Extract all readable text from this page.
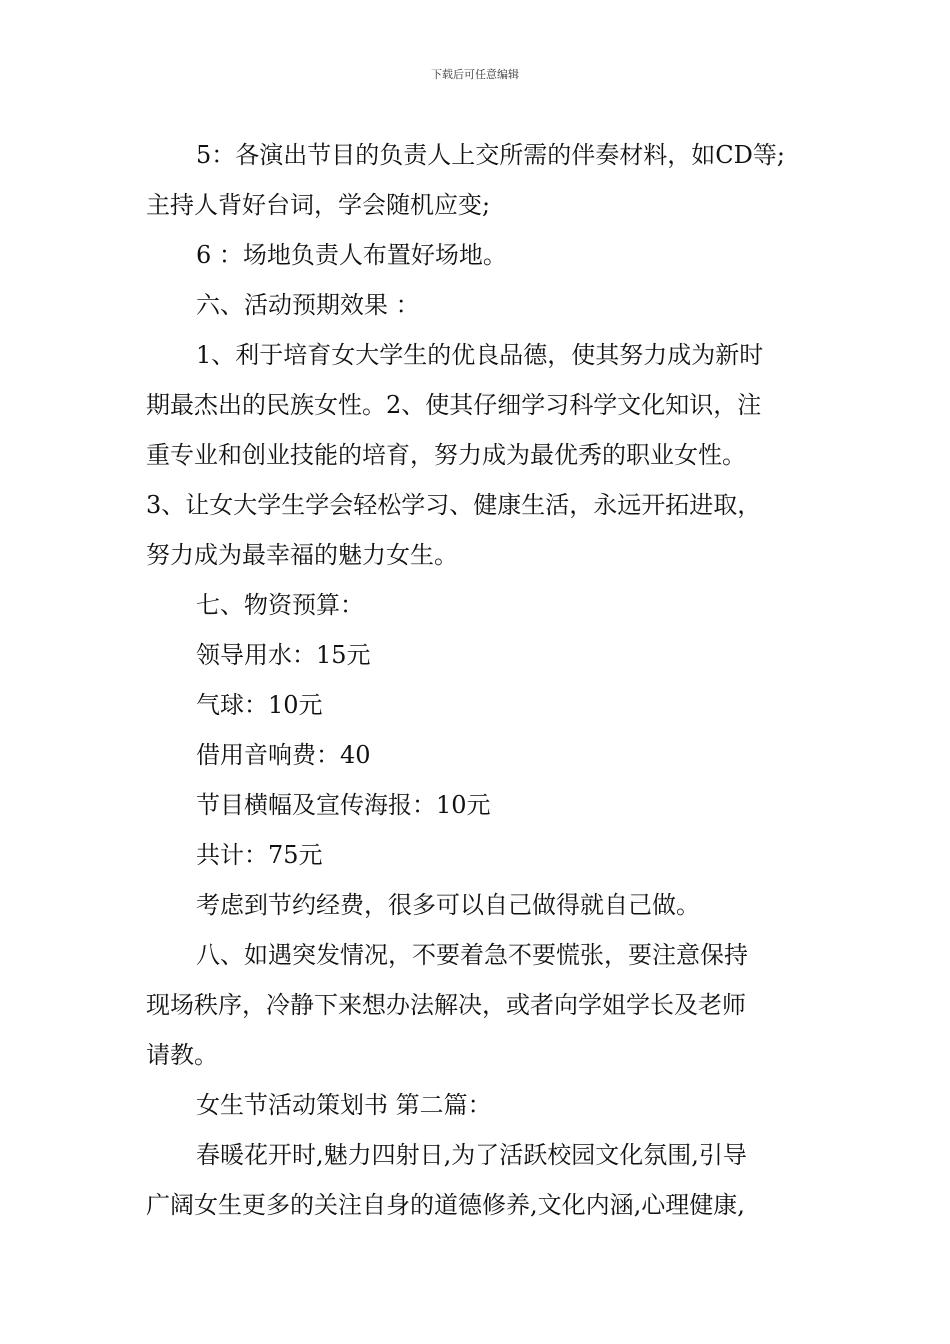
下载后可任意编辑
5：各演出节目的负责人上交所需的伴奏材料，如CD等;
主持人背好台词，学会随机应变;
6 ：场地负责人布置好场地。
六、活动预期效果 ：
1、利于培育女大学生的优良品德，使其努力成为新时
期最杰出的民族女性。2、使其仔细学习科学文化知识，注
重专业和创业技能的培育，努力成为最优秀的职业女性。
3、让女大学生学会轻松学习、健康生活，永远开拓进取，
努力成为最幸福的魅力女生。
七、物资预算：
领导用水：15元
气球：10元
借用音响费：40
节目横幅及宣传海报：10元
共计：75元
考虑到节约经费，很多可以自己做得就自己做。
八、如遇突发情况，不要着急不要慌张，要注意保持
现场秩序，冷静下来想办法解决，或者向学姐学长及老师
请教。
女生节活动策划书 第二篇：
春暖花开时,魅力四射日,为了活跃校园文化氛围,引导
广阔女生更多的关注自身的道德修养,文化内涵,心理健康,
